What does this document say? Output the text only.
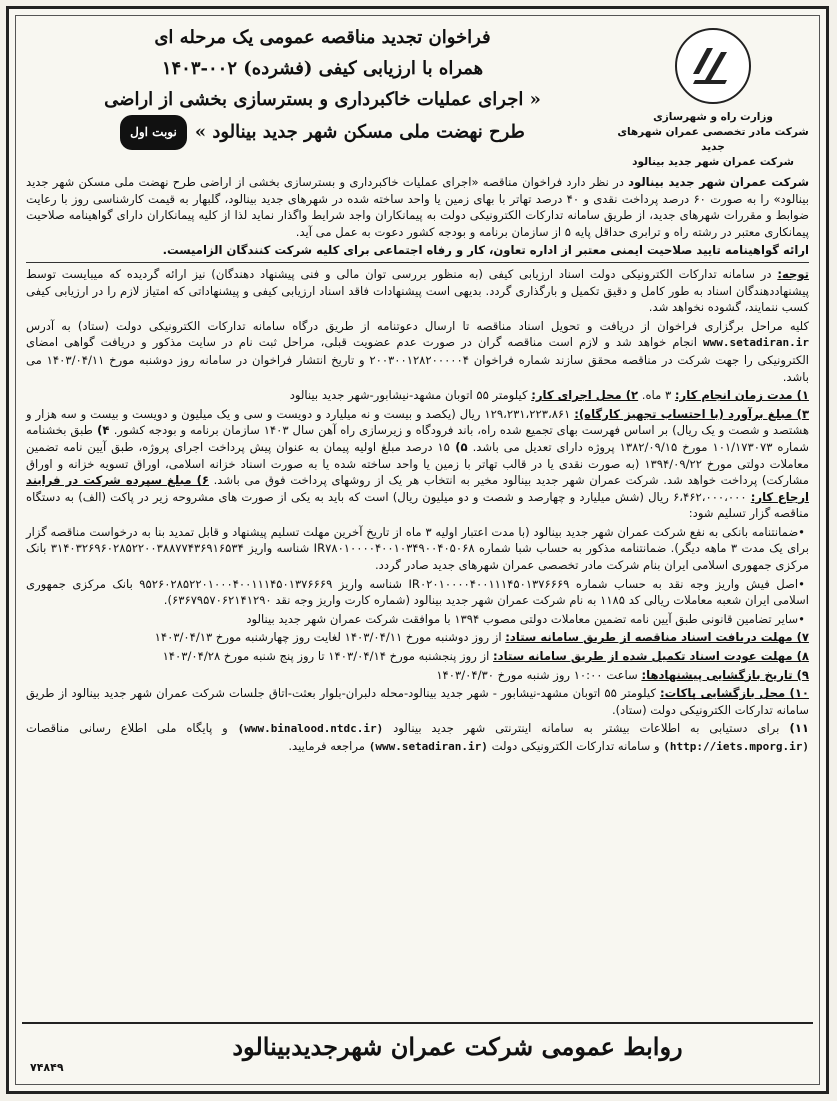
وزارت راه و شهرسازی
شرکت مادر تخصصی عمران شهرهای جدید
شرکت عمران شهر جدید بینالود
فراخوان تجدید مناقصه عمومی یک مرحله ای
همراه با ارزیابی کیفی (فشرده) ۰۰۲-۱۴۰۳
« اجرای عملیات خاکبرداری و بسترسازی بخشی از اراضی
طرح نهضت ملی مسکن شهر جدید بینالود »نوبت اول

شرکت عمران شهر جدید بینالود در نظر دارد فراخوان مناقصه «اجرای عملیات خاکبرداری و بسترسازی بخشی از اراضی طرح نهضت ملی مسکن شهر جدید بینالود» را به صورت ۶۰ درصد پرداخت نقدی و ۴۰ درصد تهاتر با بهای زمین یا واحد ساخته شده در شهرهای جدید بینالود، گلبهار به قیمت کارشناسی روز با رعایت ضوابط و مقررات شهرهای جدید، از طریق سامانه تدارکات الکترونیکی دولت به پیمانکاران واجد شرایط واگذار نماید لذا از کلیه پیمانکاران دارای گواهینامه صلاحیت پیمانکاری معتبر در رشته راه و ترابری حداقل پایه ۵ از سازمان برنامه و بودجه کشور دعوت به عمل می آید.

ارائه گواهینامه تایید صلاحیت ایمنی معتبر از اداره تعاون، کار و رفاه اجتماعی برای کلیه شرکت کنندگان الزامیست.

توجه: در سامانه تدارکات الکترونیکی دولت اسناد ارزیابی کیفی (به منظور بررسی توان مالی و فنی پیشنهاد دهندگان) نیز ارائه گردیده که میبایست توسط پیشنهاددهندگان اسناد به طور کامل و دقیق تکمیل و بارگذاری گردد. بدیهی است پیشنهادات فاقد اسناد ارزیابی کیفی و پیشنهاداتی که امتیاز لازم را در ارزیابی کیفی کسب ننمایند، گشوده نخواهد شد.

کلیه مراحل برگزاری فراخوان از دریافت و تحویل اسناد مناقصه تا ارسال دعوتنامه از طریق درگاه سامانه تدارکات الکترونیکی دولت (ستاد) به آدرس www.setadiran.ir انجام خواهد شد و لازم است مناقصه گران در صورت عدم عضویت قبلی، مراحل ثبت نام در سایت مذکور و دریافت گواهی امضای الکترونیکی را جهت شرکت در مناقصه محقق سازند شماره فراخوان ۲۰۰۳۰۰۱۲۸۲۰۰۰۰۰۴ و تاریخ انتشار فراخوان در سامانه روز دوشنبه مورخ ۱۴۰۳/۰۴/۱۱ می باشد.

۱) مدت زمان انجام کار: ۳ ماه. ۲) محل اجرای کار: کیلومتر ۵۵ اتوبان مشهد-نیشابور-شهر جدید بینالود

۳) مبلغ برآورد (با احتساب تجهیز کارگاه): ۱۲۹،۲۳۱،۲۲۳،۸۶۱ ریال (یکصد و بیست و نه میلیارد و دویست و سی و یک میلیون و دویست و بیست و سه هزار و هشتصد و شصت و یک ریال) بر اساس فهرست بهای تجمیع شده راه، باند فرودگاه و زیرسازی راه آهن سال ۱۴۰۳ سازمان برنامه و بودجه کشور. ۴) طبق بخشنامه شماره ۱۰۱/۱۷۳۰۷۳ مورخ ۱۳۸۲/۰۹/۱۵ پروژه دارای تعدیل می باشد. ۵) ۱۵ درصد مبلغ اولیه پیمان به عنوان پیش پرداخت اجرای پروژه، طبق آیین نامه تضمین معاملات دولتی مورخ ۱۳۹۴/۰۹/۲۲ (به صورت نقدی یا در قالب تهاتر با زمین یا واحد ساخته شده یا به صورت اسناد خزانه اسلامی، اوراق تسویه خزانه و اوراق مشارکت) پرداخت خواهد شد. شرکت عمران شهر جدید بینالود مخیر به انتخاب هر یک از روشهای پرداخت فوق می باشد. ۶) مبلغ سپرده شرکت در فرایند ارجاع کار: ۶،۴۶۲،۰۰۰،۰۰۰ ریال (شش میلیارد و چهارصد و شصت و دو میلیون ریال) است که باید به یکی از صورت های مشروحه زیر در پاکت (الف) به دستگاه مناقصه گزار تسلیم شود:

•ضمانتنامه بانکی به نفع شرکت عمران شهر جدید بینالود (با مدت اعتبار اولیه ۳ ماه از تاریخ آخرین مهلت تسلیم پیشنهاد و قابل تمدید بنا به درخواست مناقصه گزار برای یک مدت ۳ ماهه دیگر). ضمانتنامه مذکور به حساب شبا شماره IR۷۸۰۱۰۰۰۰۴۰۰۱۰۳۴۹۰۰۴۰۵۰۶۸ شناسه واریز ۳۱۴۰۳۲۶۹۶۰۲۸۵۲۲۰۰۳۸۸۷۷۴۳۶۹۱۶۵۳۴ بانک مرکزی جمهوری اسلامی ایران بنام شرکت مادر تخصصی عمران شهرهای جدید صادر گردد.

•اصل فیش واریز وجه نقد به حساب شماره IR۰۲۰۱۰۰۰۰۴۰۰۱۱۱۴۵۰۱۳۷۶۶۶۹ شناسه واریز ۹۵۲۶۰۲۸۵۲۲۰۱۰۰۰۴۰۰۱۱۱۴۵۰۱۳۷۶۶۶۹ بانک مرکزی جمهوری اسلامی ایران شعبه معاملات ریالی کد ۱۱۸۵ به نام شرکت عمران شهر جدید بینالود (شماره کارت واریز وجه نقد ۶۳۶۷۹۵۷۰۶۲۱۴۱۲۹۰).

•سایر تضامین قانونی طبق آیین نامه تضمین معاملات دولتی مصوب ۱۳۹۴ با موافقت شرکت عمران شهر جدید بینالود

۷) مهلت دریافت اسناد مناقصه از طریق سامانه ستاد: از روز دوشنبه مورخ ۱۴۰۳/۰۴/۱۱ لغایت روز چهارشنبه مورخ ۱۴۰۳/۰۴/۱۳

۸) مهلت عودت اسناد تکمیل شده از طریق سامانه ستاد: از روز پنجشنبه مورخ ۱۴۰۳/۰۴/۱۴ تا روز پنج شنبه مورخ ۱۴۰۳/۰۴/۲۸

۹) تاریخ بازگشایی پیشنهادها: ساعت ۱۰:۰۰ روز شنبه مورخ ۱۴۰۳/۰۴/۳۰

۱۰) محل بازگشایی پاکات: کیلومتر ۵۵ اتوبان مشهد-نیشابور - شهر جدید بینالود-محله دلبران-بلوار بعثت-اتاق جلسات شرکت عمران شهر جدید بینالود از طریق سامانه تدارکات الکترونیکی دولت (ستاد).

۱۱) برای دستیابی به اطلاعات بیشتر به سامانه اینترنتی شهر جدید بینالود (www.binalood.ntdc.ir) و پایگاه ملی اطلاع رسانی مناقصات (http://iets.mporg.ir) و سامانه تدارکات الکترونیکی دولت (www.setadiran.ir) مراجعه فرمایید.

روابط عمومی شرکت عمران شهرجدیدبینالود
۷۴۸۴۹
